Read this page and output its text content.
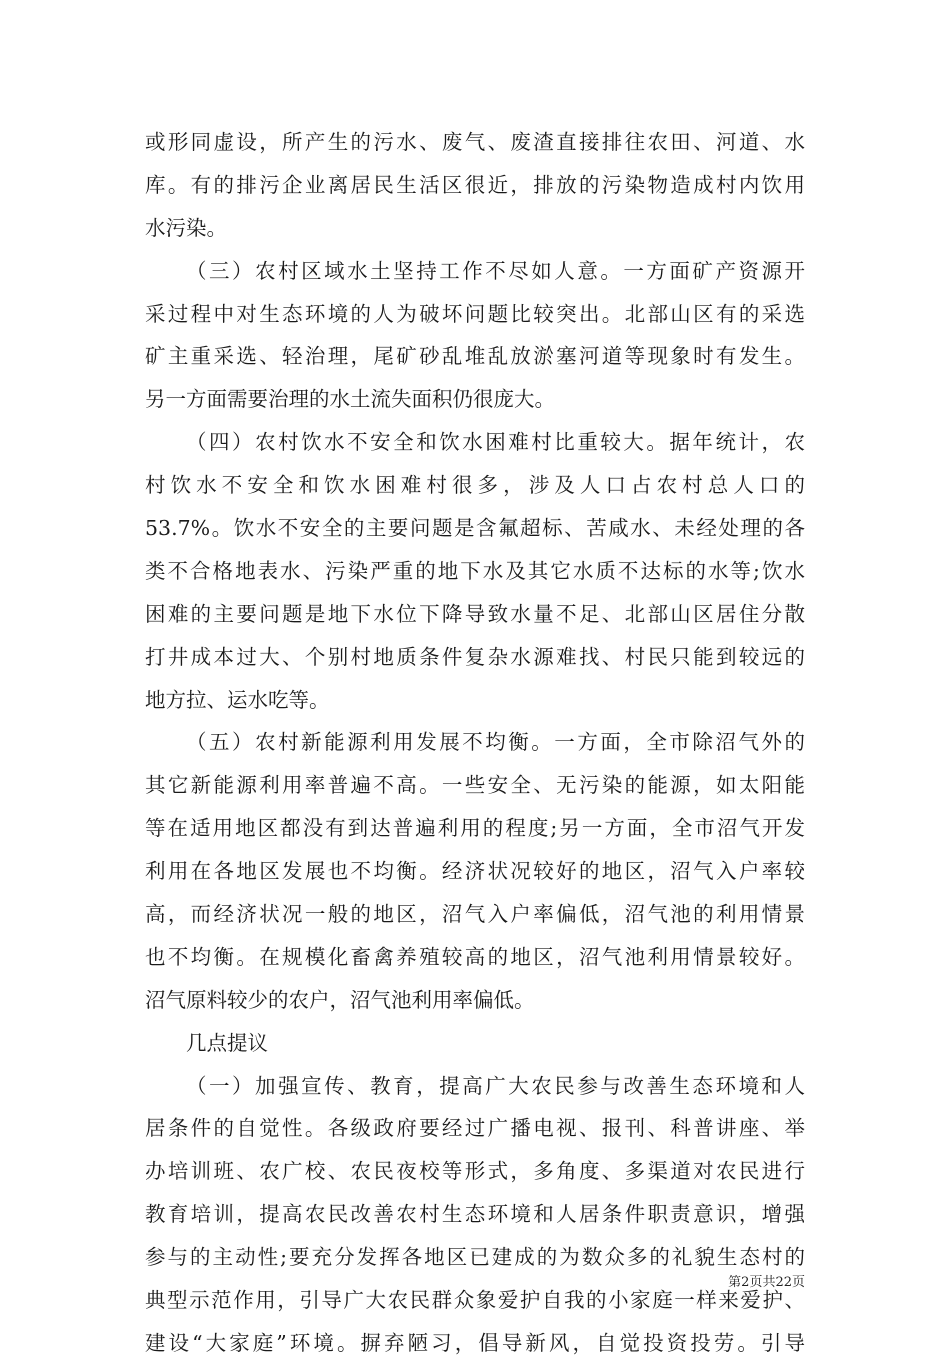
或形同虚设，所产生的污水、废气、废渣直接排往农田、河道、水
库。有的排污企业离居民生活区很近，排放的污染物造成村内饮用
水污染。
（三）农村区域水土坚持工作不尽如人意。一方面矿产资源开
采过程中对生态环境的人为破坏问题比较突出。北部山区有的采选
矿主重采选、轻治理，尾矿砂乱堆乱放淤塞河道等现象时有发生。
另一方面需要治理的水土流失面积仍很庞大。
（四）农村饮水不安全和饮水困难村比重较大。据年统计，农
村饮水不安全和饮水困难村很多，涉及人口占农村总人口的
53.7%。饮水不安全的主要问题是含氟超标、苦咸水、未经处理的各
类不合格地表水、污染严重的地下水及其它水质不达标的水等;饮水
困难的主要问题是地下水位下降导致水量不足、北部山区居住分散
打井成本过大、个别村地质条件复杂水源难找、村民只能到较远的
地方拉、运水吃等。
（五）农村新能源利用发展不均衡。一方面，全市除沼气外的
其它新能源利用率普遍不高。一些安全、无污染的能源，如太阳能
等在适用地区都没有到达普遍利用的程度;另一方面，全市沼气开发
利用在各地区发展也不均衡。经济状况较好的地区，沼气入户率较
高，而经济状况一般的地区，沼气入户率偏低，沼气池的利用情景
也不均衡。在规模化畜禽养殖较高的地区，沼气池利用情景较好。
沼气原料较少的农户，沼气池利用率偏低。
几点提议
（一）加强宣传、教育，提高广大农民参与改善生态环境和人
居条件的自觉性。各级政府要经过广播电视、报刊、科普讲座、举
办培训班、农广校、农民夜校等形式，多角度、多渠道对农民进行
教育培训，提高农民改善农村生态环境和人居条件职责意识，增强
参与的主动性;要充分发挥各地区已建成的为数众多的礼貌生态村的
典型示范作用，引导广大农民群众象爱护自我的小家庭一样来爱护、
建设“大家庭”环境。摒弃陋习，倡导新风，自觉投资投劳。引导
第2页共22页
